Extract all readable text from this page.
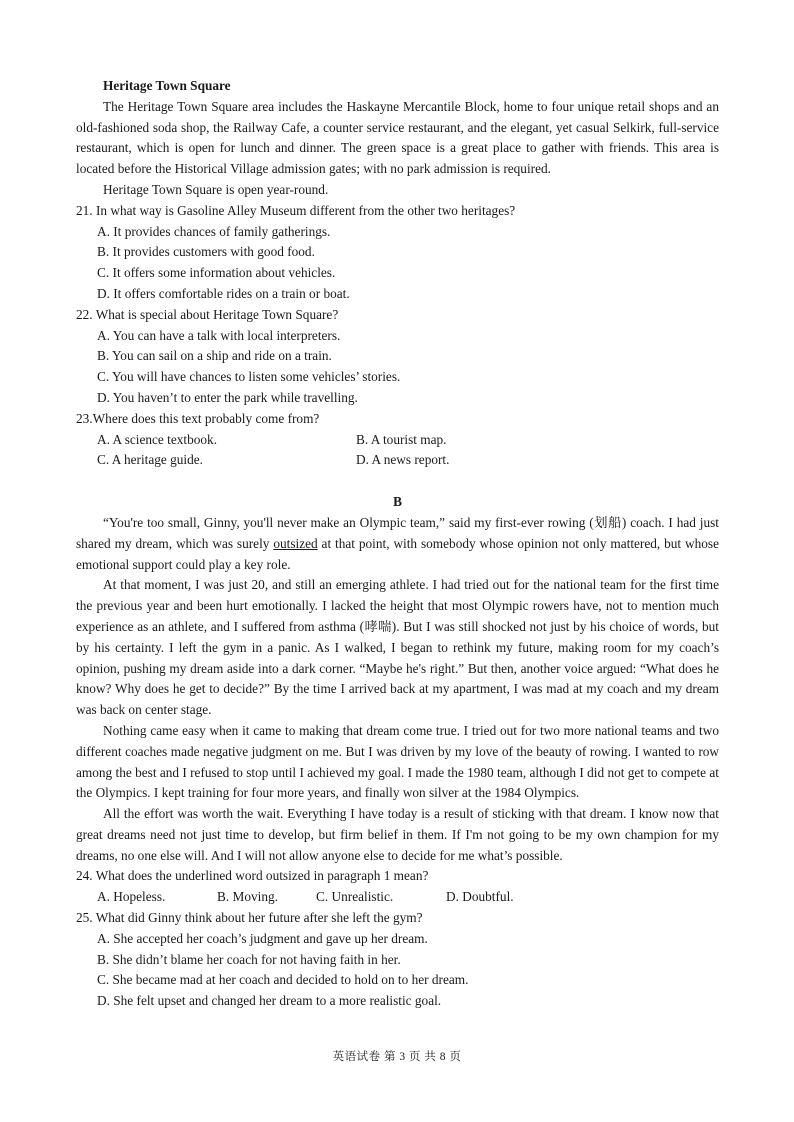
Heritage Town Square

The Heritage Town Square area includes the Haskayne Mercantile Block, home to four unique retail shops and an old-fashioned soda shop, the Railway Cafe, a counter service restaurant, and the elegant, yet casual Selkirk, full-service restaurant, which is open for lunch and dinner. The green space is a great place to gather with friends. This area is located before the Historical Village admission gates; with no park admission is required.

Heritage Town Square is open year-round.

21. In what way is Gasoline Alley Museum different from the other two heritages?

A. It provides chances of family gatherings.

B. It provides customers with good food.

C. It offers some information about vehicles.

D. It offers comfortable rides on a train or boat.

22. What is special about Heritage Town Square?

A. You can have a talk with local interpreters.

B. You can sail on a ship and ride on a train.

C. You will have chances to listen some vehicles’ stories.

D. You haven’t to enter the park while travelling.

23.Where does this text probably come from?

A. A science textbook.	B. A tourist map.
C. A heritage guide.	D. A news report.

B

“You're too small, Ginny, you'll never make an Olympic team,” said my first-ever rowing (划船) coach. I had just shared my dream, which was surely outsized at that point, with somebody whose opinion not only mattered, but whose emotional support could play a key role.

At that moment, I was just 20, and still an emerging athlete. I had tried out for the national team for the first time the previous year and been hurt emotionally. I lacked the height that most Olympic rowers have, not to mention much experience as an athlete, and I suffered from asthma (哮喘). But I was still shocked not just by his choice of words, but by his certainty. I left the gym in a panic. As I walked, I began to rethink my future, making room for my coach’s opinion, pushing my dream aside into a dark corner. “Maybe he's right.” But then, another voice argued: “What does he know? Why does he get to decide?” By the time I arrived back at my apartment, I was mad at my coach and my dream was back on center stage.

Nothing came easy when it came to making that dream come true. I tried out for two more national teams and two different coaches made negative judgment on me. But I was driven by my love of the beauty of rowing. I wanted to row among the best and I refused to stop until I achieved my goal. I made the 1980 team, although I did not get to compete at the Olympics. I kept training for four more years, and finally won silver at the 1984 Olympics.

All the effort was worth the wait. Everything I have today is a result of sticking with that dream. I know now that great dreams need not just time to develop, but firm belief in them. If I'm not going to be my own champion for my dreams, no one else will. And I will not allow anyone else to decide for me what’s possible.

24. What does the underlined word outsized in paragraph 1 mean?

A. Hopeless.	B. Moving.	C. Unrealistic.	D. Doubtful.

25. What did Ginny think about her future after she left the gym?

A. She accepted her coach’s judgment and gave up her dream.

B. She didn’t blame her coach for not having faith in her.

C. She became mad at her coach and decided to hold on to her dream.

D. She felt upset and changed her dream to a more realistic goal.

英语试卷 第 3 页 共 8 页
